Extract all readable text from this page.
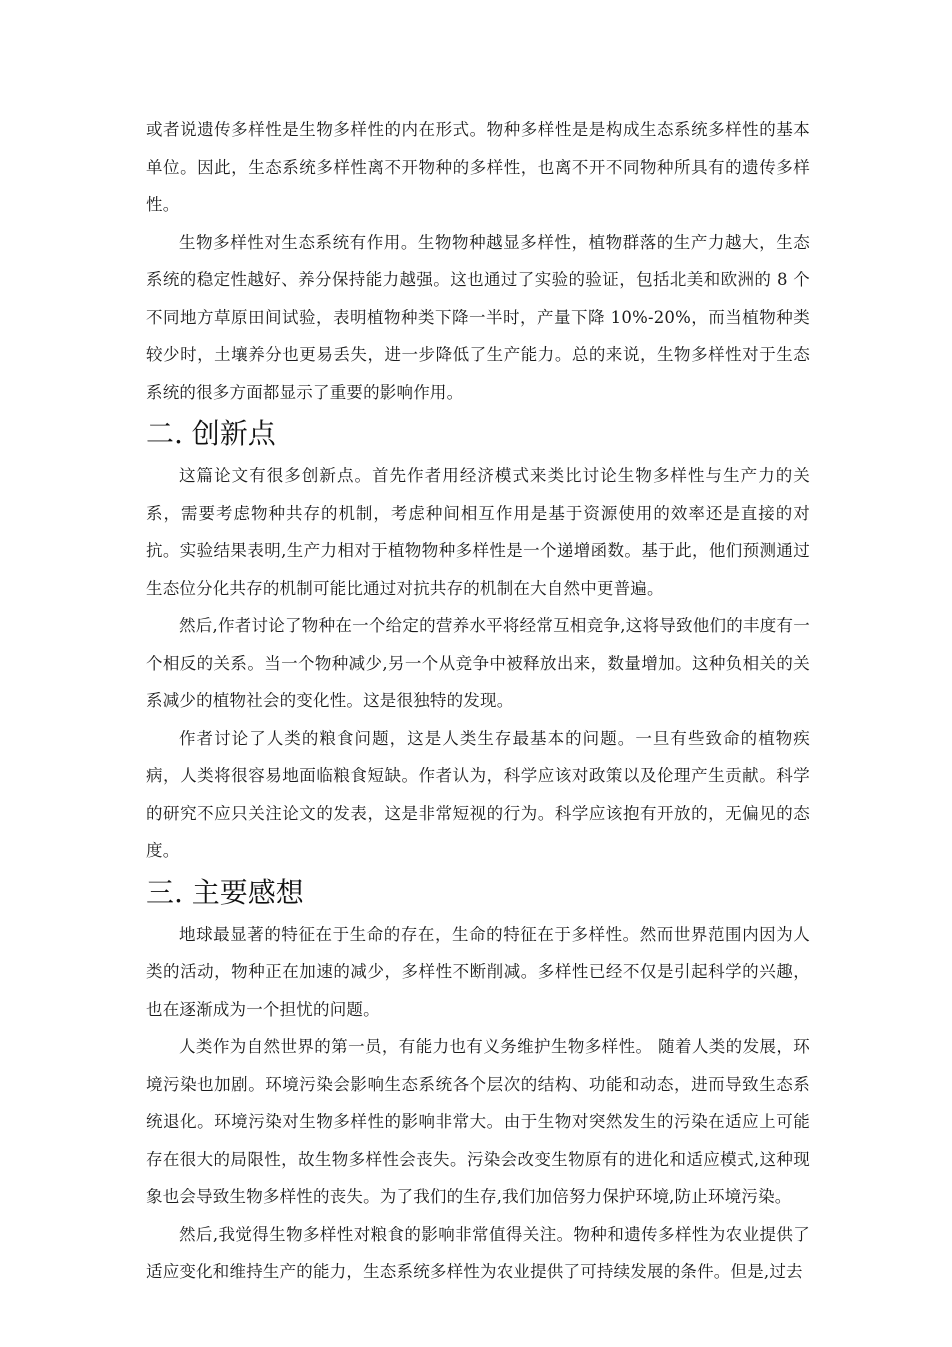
或者说遗传多样性是生物多样性的内在形式。物种多样性是是构成生态系统多样性的基本单位。因此，生态系统多样性离不开物种的多样性，也离不开不同物种所具有的遗传多样性。

生物多样性对生态系统有作用。生物物种越显多样性，植物群落的生产力越大，生态系统的稳定性越好、养分保持能力越强。这也通过了实验的验证，包括北美和欧洲的 8 个不同地方草原田间试验，表明植物种类下降一半时，产量下降 10%-20%，而当植物种类较少时，土壤养分也更易丢失，进一步降低了生产能力。总的来说，生物多样性对于生态系统的很多方面都显示了重要的影响作用。

二. 创新点

这篇论文有很多创新点。首先作者用经济模式来类比讨论生物多样性与生产力的关系，需要考虑物种共存的机制，考虑种间相互作用是基于资源使用的效率还是直接的对抗。实验结果表明,生产力相对于植物物种多样性是一个递增函数。基于此，他们预测通过生态位分化共存的机制可能比通过对抗共存的机制在大自然中更普遍。

然后,作者讨论了物种在一个给定的营养水平将经常互相竞争,这将导致他们的丰度有一个相反的关系。当一个物种减少,另一个从竞争中被释放出来，数量增加。这种负相关的关系减少的植物社会的变化性。这是很独特的发现。

作者讨论了人类的粮食问题，这是人类生存最基本的问题。一旦有些致命的植物疾病，人类将很容易地面临粮食短缺。作者认为，科学应该对政策以及伦理产生贡献。科学的研究不应只关注论文的发表，这是非常短视的行为。科学应该抱有开放的，无偏见的态度。

三. 主要感想

地球最显著的特征在于生命的存在，生命的特征在于多样性。然而世界范围内因为人类的活动，物种正在加速的减少，多样性不断削减。多样性已经不仅是引起科学的兴趣，也在逐渐成为一个担忧的问题。

人类作为自然世界的第一员，有能力也有义务维护生物多样性。 随着人类的发展，环境污染也加剧。环境污染会影响生态系统各个层次的结构、功能和动态，进而导致生态系统退化。环境污染对生物多样性的影响非常大。由于生物对突然发生的污染在适应上可能存在很大的局限性，故生物多样性会丧失。污染会改变生物原有的进化和适应模式,这种现象也会导致生物多样性的丧失。为了我们的生存,我们加倍努力保护环境,防止环境污染。

然后,我觉得生物多样性对粮食的影响非常值得关注。物种和遗传多样性为农业提供了适应变化和维持生产的能力，生态系统多样性为农业提供了可持续发展的条件。但是,过去
